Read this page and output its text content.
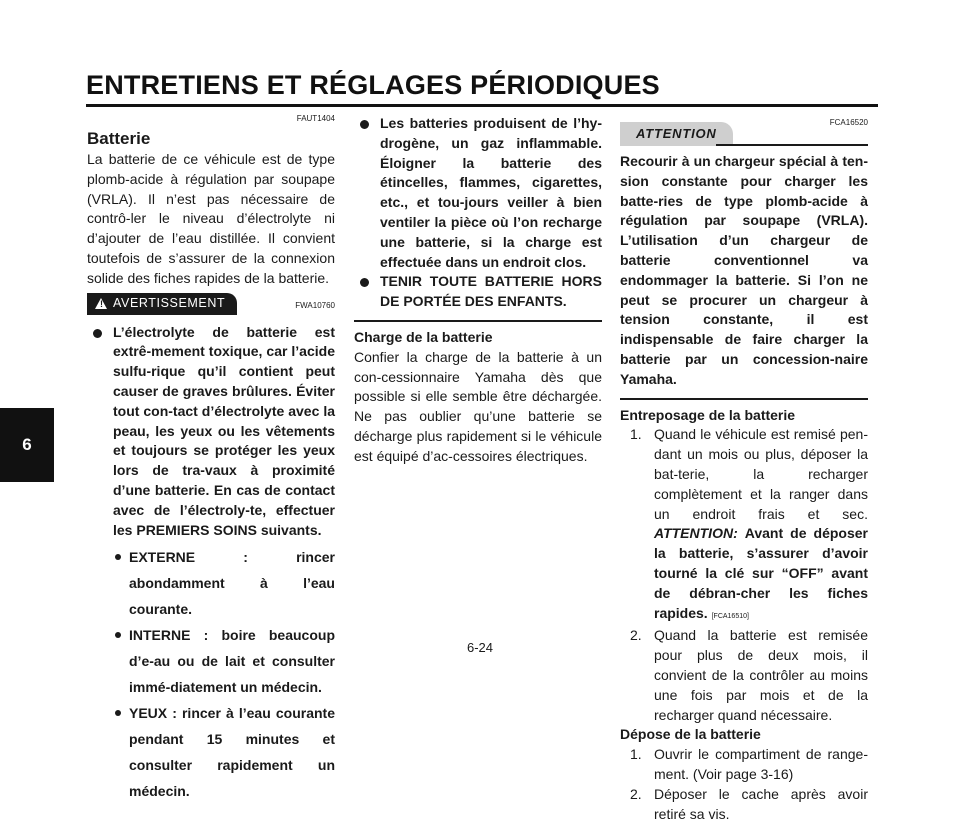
ENTRETIENS ET RÉGLAGES PÉRIODIQUES
6
FAUT1404
Batterie
La batterie de ce véhicule est de type plomb-acide à régulation par soupape (VRLA). Il n’est pas nécessaire de contrô-ler le niveau d’électrolyte ni d’ajouter de l’eau distillée. Il convient toutefois de s’assurer de la connexion solide des fiches rapides de la batterie.
! AVERTISSEMENT	FWA10760
L’électrolyte de batterie est extrê-mement toxique, car l’acide sulfu-rique qu’il contient peut causer de graves brûlures. Éviter tout con-tact d’électrolyte avec la peau, les yeux ou les vêtements et toujours se protéger les yeux lors de tra-vaux à proximité d’une batterie. En cas de contact avec de l’électroly-te, effectuer les PREMIERS SOINS suivants.
EXTERNE : rincer abondamment à l’eau courante.
INTERNE : boire beaucoup d’e-au ou de lait et consulter immé-diatement un médecin.
YEUX : rincer à l’eau courante pendant 15 minutes et consulter rapidement un médecin.
Les batteries produisent de l’hy-drogène, un gaz inflammable. Éloigner la batterie des étincelles, flammes, cigarettes, etc., et tou-jours veiller à bien ventiler la pièce où l’on recharge une batterie, si la charge est effectuée dans un endroit clos.
TENIR TOUTE BATTERIE HORS DE PORTÉE DES ENFANTS.
Charge de la batterie
Confier la charge de la batterie à un con-cessionnaire Yamaha dès que possible si elle semble être déchargée. Ne pas oublier qu’une batterie se décharge plus rapidement si le véhicule est équipé d’ac-cessoires électriques.
ATTENTION
FCA16520
Recourir à un chargeur spécial à ten-sion constante pour charger les batte-ries de type plomb-acide à régulation par soupape (VRLA). L’utilisation d’un chargeur de batterie conventionnel va endommager la batterie. Si l’on ne peut se procurer un chargeur à tension constante, il est indispensable de faire charger la batterie par un concession-naire Yamaha.
Entreposage de la batterie
1. Quand le véhicule est remisé pen-dant un mois ou plus, déposer la bat-terie, la recharger complètement et la ranger dans un endroit frais et sec. ATTENTION: Avant de déposer la batterie, s’assurer d’avoir tourné la clé sur “OFF” avant de débran-cher les fiches rapides. [FCA16510]
2. Quand la batterie est remisée pour plus de deux mois, il convient de la contrôler au moins une fois par mois et de la recharger quand nécessaire.
Dépose de la batterie
1. Ouvrir le compartiment de range-ment. (Voir page 3-16)
2. Déposer le cache après avoir retiré sa vis.
6-24
